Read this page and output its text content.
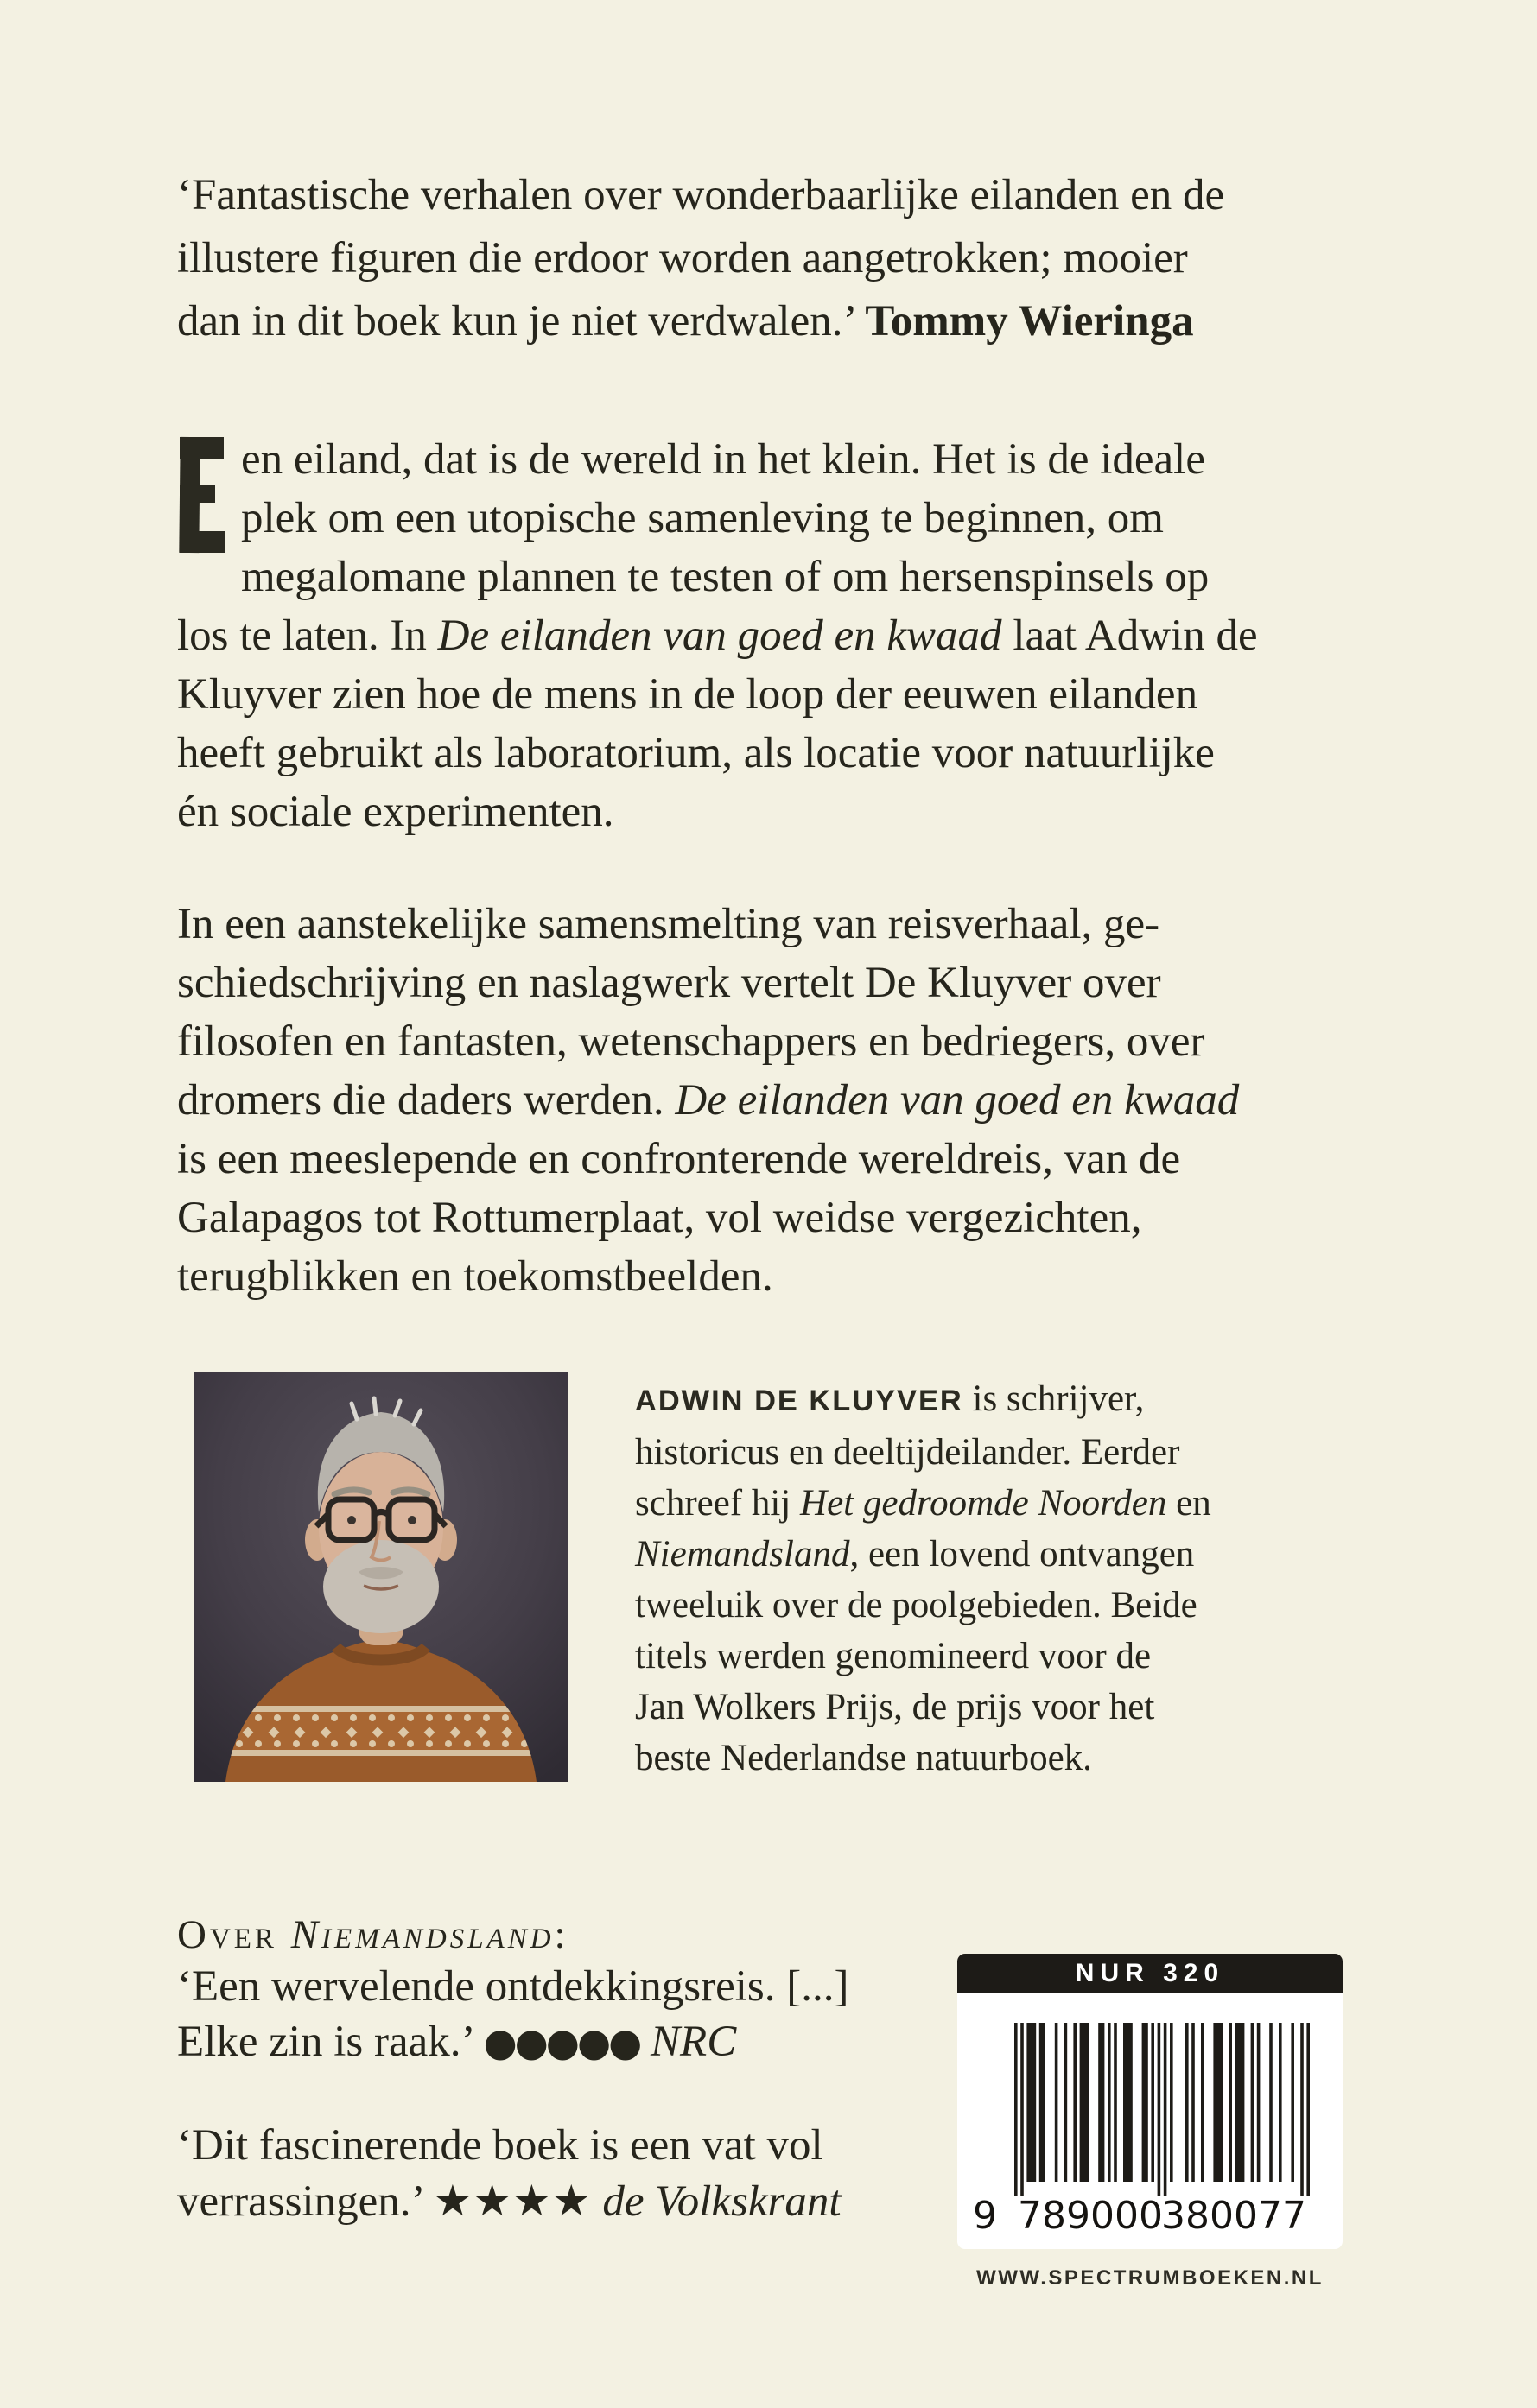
‘Fantastische verhalen over wonderbaarlijke eilanden en de
illustere figuren die erdoor worden aangetrokken; mooier
dan in dit boek kun je niet verdwalen.’ Tommy Wieringa
en eiland, dat is de wereld in het klein. Het is de ideale
plek om een utopische samenleving te beginnen, om
megalomane plannen te testen of om hersenspinsels op
los te laten. In De eilanden van goed en kwaad laat Adwin de
Kluyver zien hoe de mens in de loop der eeuwen eilanden
heeft gebruikt als laboratorium, als locatie voor natuurlijke
én sociale experimenten.
In een aanstekelijke samensmelting van reisverhaal, ge-
schiedschrijving en naslagwerk vertelt De Kluyver over
filosofen en fantasten, wetenschappers en bedriegers, over
dromers die daders werden. De eilanden van goed en kwaad
is een meeslepende en confronterende wereldreis, van de
Galapagos tot Rottumerplaat, vol weidse vergezichten,
terugblikken en toekomstbeelden.
ADWIN DE KLUYVER is schrijver,
historicus en deeltijdeilander. Eerder
schreef hij Het gedroomde Noorden en
Niemandsland, een lovend ontvangen
tweeluik over de poolgebieden. Beide
titels werden genomineerd voor de
Jan Wolkers Prijs, de prijs voor het
beste Nederlandse natuurboek.
Over Niemandsland:
‘Een wervelende ontdekkingsreis. [...]
Elke zin is raak.’ ●●●●● NRC
‘Dit fascinerende boek is een vat vol
verrassingen.’ ★★★★ de Volkskrant
NUR 320
9 789000
380077
WWW.SPECTRUMBOEKEN.NL
